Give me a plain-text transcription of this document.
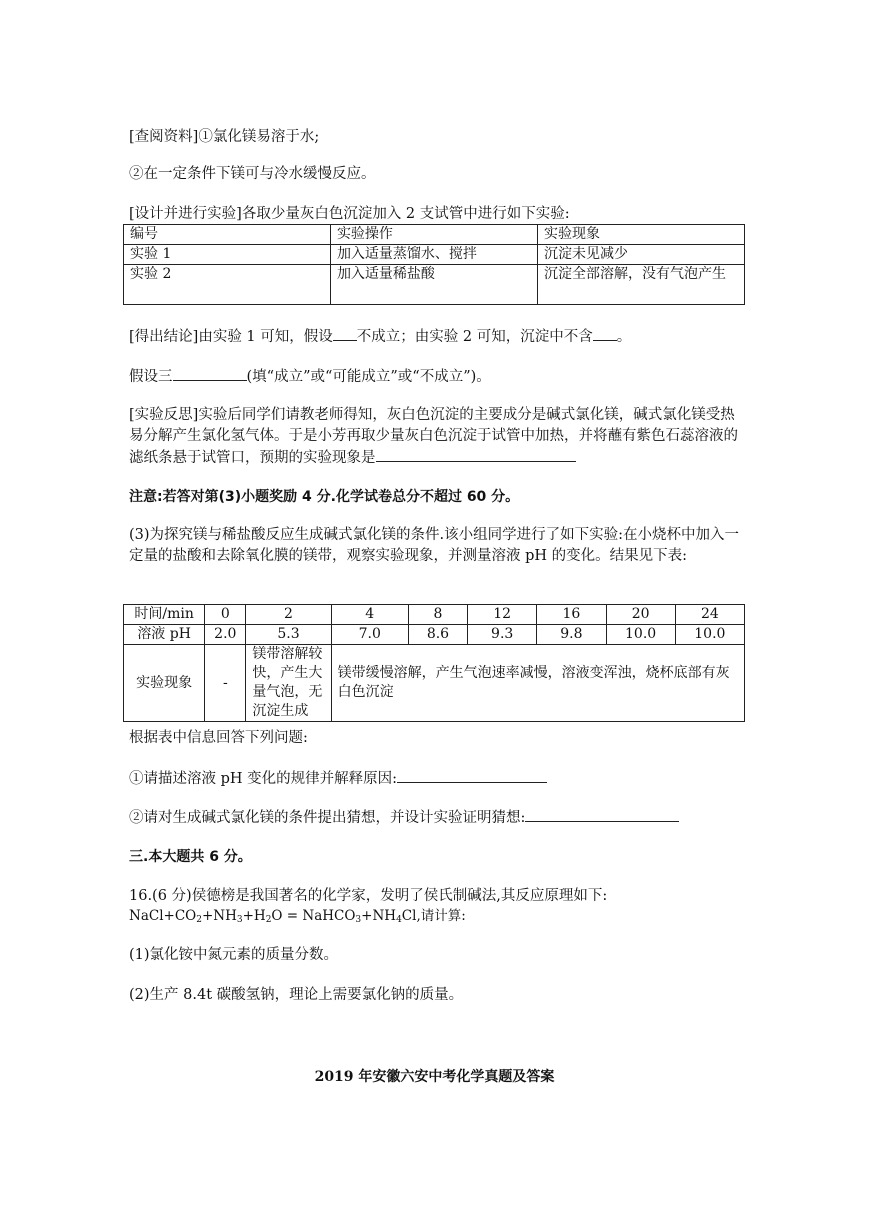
[查阅资料]①氯化镁易溶于水;
②在一定条件下镁可与冷水缓慢反应。
[设计并进行实验]各取少量灰白色沉淀加入 2 支试管中进行如下实验:
编号	实验操作	实验现象
实验 1	加入适量蒸馏水、搅拌	沉淀未见减少
实验 2	加入适量稀盐酸	沉淀全部溶解，没有气泡产生
[得出结论]由实验 1 可知，假设 不成立；由实验 2 可知，沉淀中不含 。
假设三	(填“成立”或“可能成立”或“不成立”)。
[实验反思]实验后同学们请教老师得知，灰白色沉淀的主要成分是碱式氯化镁，碱式氯化镁受热易分解产生氯化氢气体。于是小芳再取少量灰白色沉淀于试管中加热，并将蘸有紫色石蕊溶液的滤纸条悬于试管口，预期的实验现象是
注意:若答对第(3)小题奖励 4 分.化学试卷总分不超过 60 分。
(3)为探究镁与稀盐酸反应生成碱式氯化镁的条件.该小组同学进行了如下实验:在小烧杯中加入一定量的盐酸和去除氧化膜的镁带，观察实验现象，并测量溶液 pH 的变化。结果见下表:
时间/min	0	2	4	8	12	16	20	24
溶液 pH	2.0	5.3	7.0	8.6	9.3	9.8	10.0	10.0
实验现象	-	镁带溶解较快，产生大量气泡，无沉淀生成	镁带缓慢溶解，产生气泡速率减慢，溶液变浑浊，烧杯底部有灰白色沉淀					
根据表中信息回答下列问题:
①请描述溶液 pH 变化的规律并解释原因:
②请对生成碱式氯化镁的条件提出猜想，并设计实验证明猜想:
三.本大题共 6 分。
16.(6 分)侯德榜是我国著名的化学家，发明了侯氏制碱法,其反应原理如下:
$NaCl+CO_2+NH_3+H_2O$ = $NaHCO_3+NH_4Cl$,请计算:
(1)氯化铵中氮元素的质量分数。
(2)生产 8.4t 碳酸氢钠，理论上需要氯化钠的质量。
2019 年安徽六安中考化学真题及答案
